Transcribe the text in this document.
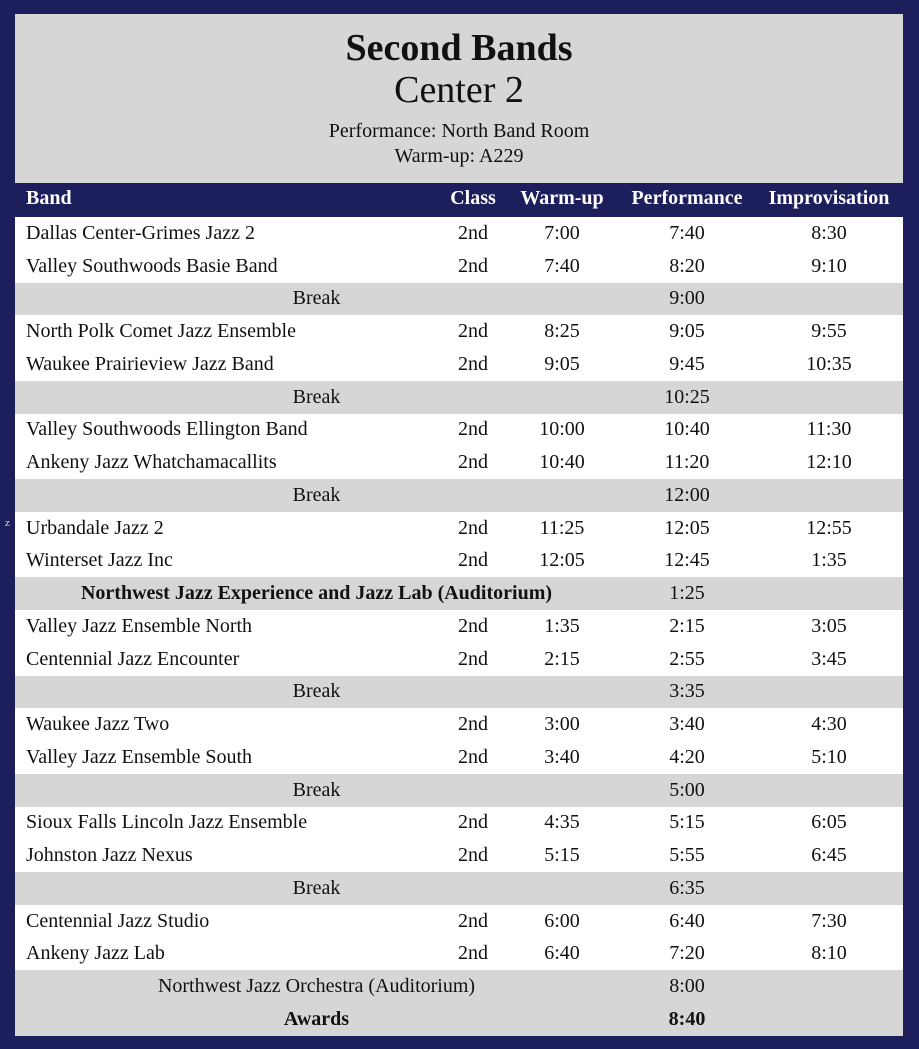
z
Second Bands
Center 2
Performance: North Band Room
Warm-up: A229
Band	Class	Warm-up	Performance	Improvisation
Dallas Center-Grimes Jazz 2	2nd	7:00	7:40	8:30
Valley Southwoods Basie Band	2nd	7:40	8:20	9:10
Break	9:00
North Polk Comet Jazz Ensemble	2nd	8:25	9:05	9:55
Waukee Prairieview Jazz Band	2nd	9:05	9:45	10:35
Break	10:25
Valley Southwoods Ellington Band	2nd	10:00	10:40	11:30
Ankeny Jazz Whatchamacallits	2nd	10:40	11:20	12:10
Break	12:00
Urbandale Jazz 2	2nd	11:25	12:05	12:55
Winterset Jazz Inc	2nd	12:05	12:45	1:35
Northwest Jazz Experience and Jazz Lab (Auditorium)	1:25
Valley Jazz Ensemble North	2nd	1:35	2:15	3:05
Centennial Jazz Encounter	2nd	2:15	2:55	3:45
Break	3:35
Waukee Jazz Two	2nd	3:00	3:40	4:30
Valley Jazz Ensemble South	2nd	3:40	4:20	5:10
Break	5:00
Sioux Falls Lincoln Jazz Ensemble	2nd	4:35	5:15	6:05
Johnston Jazz Nexus	2nd	5:15	5:55	6:45
Break	6:35
Centennial Jazz Studio	2nd	6:00	6:40	7:30
Ankeny Jazz Lab	2nd	6:40	7:20	8:10
Northwest Jazz Orchestra (Auditorium)	8:00
Awards	8:40
